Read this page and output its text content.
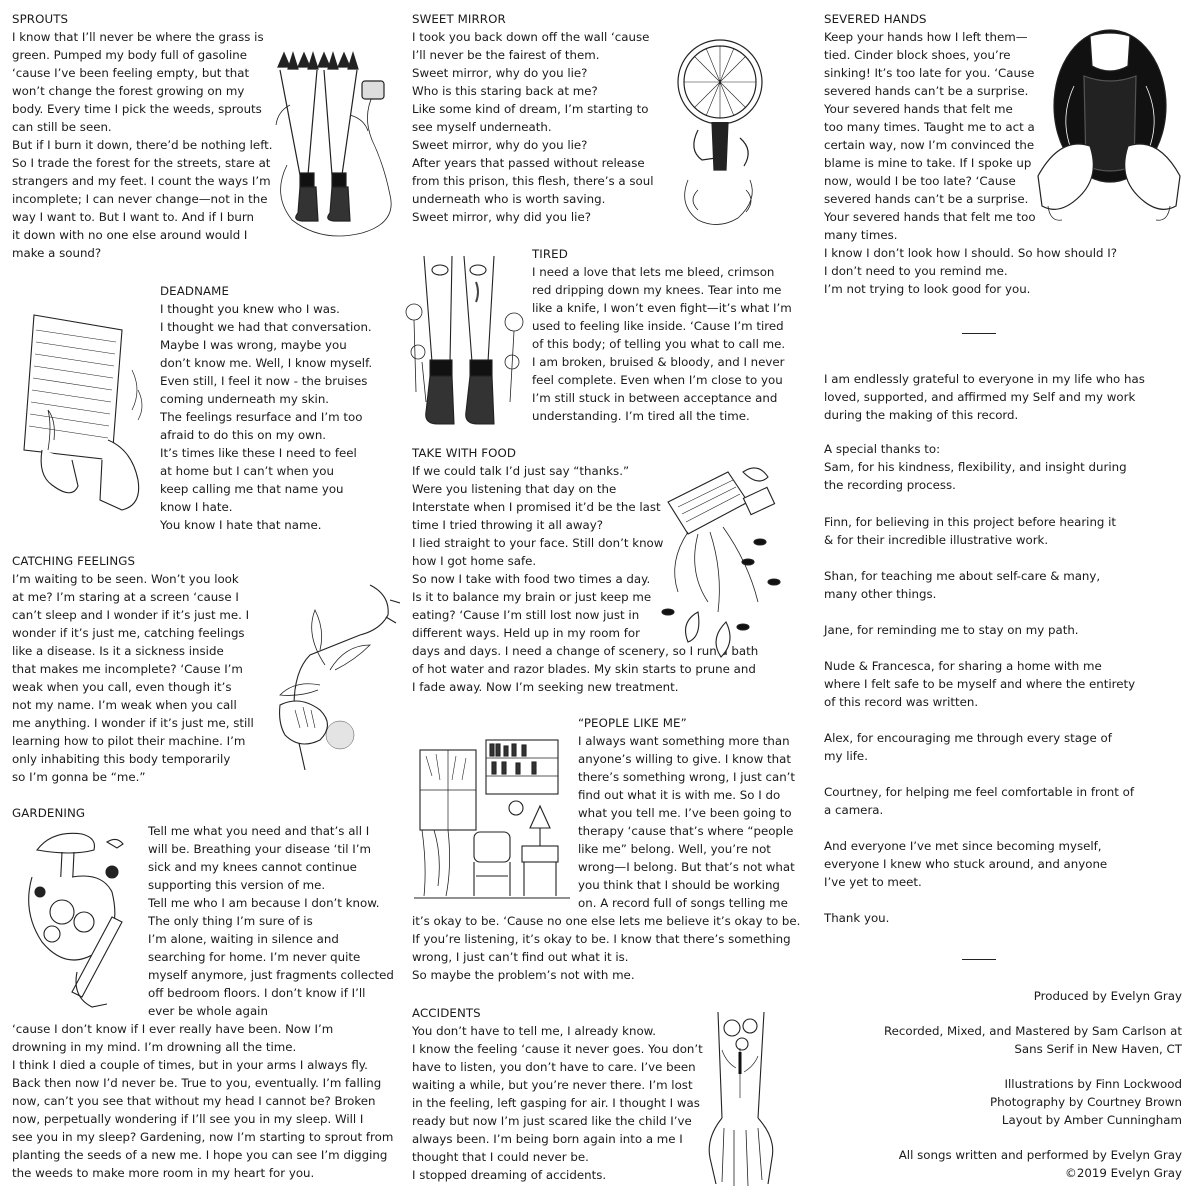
SPROUTS
I know that I’ll never be where the grass is
green. Pumped my body full of gasoline
‘cause I’ve been feeling empty, but that
won’t change the forest growing on my
body. Every time I pick the weeds, sprouts
can still be seen.
But if I burn it down, there’d be nothing left.
So I trade the forest for the streets, stare at
strangers and my feet. I count the ways I’m
incomplete; I can never change—not in the
way I want to. But I want to. And if I burn
it down with no one else around would I
make a sound?
DEADNAME
I thought you knew who I was.
I thought we had that conversation.
Maybe I was wrong, maybe you
don’t know me. Well, I know myself.
Even still, I feel it now - the bruises
coming underneath my skin.
The feelings resurface and I’m too
afraid to do this on my own.
It’s times like these I need to feel
at home but I can’t when you
keep calling me that name you
know I hate.
You know I hate that name.
CATCHING FEELINGS
I’m waiting to be seen. Won’t you look
at me? I’m staring at a screen ‘cause I
can’t sleep and I wonder if it’s just me. I
wonder if it’s just me, catching feelings
like a disease. Is it a sickness inside
that makes me incomplete? ‘Cause I’m
weak when you call, even though it’s
not my name. I’m weak when you call
me anything. I wonder if it’s just me, still
learning how to pilot their machine. I’m
only inhabiting this body temporarily
so I’m gonna be “me.”
GARDENING
Tell me what you need and that’s all I
will be. Breathing your disease ‘til I’m
sick and my knees cannot continue
supporting this version of me.
Tell me who I am because I don’t know.
The only thing I’m sure of is
I’m alone, waiting in silence and
searching for home. I’m never quite
myself anymore, just fragments collected
off bedroom floors. I don’t know if I’ll
ever be whole again
‘cause I don’t know if I ever really have been. Now I’m
drowning in my mind. I’m drowning all the time.
I think I died a couple of times, but in your arms I always fly.
Back then now I’d never be. True to you, eventually. I’m falling
now, can’t you see that without my head I cannot be? Broken
now, perpetually wondering if I’ll see you in my sleep. Will I
see you in my sleep? Gardening, now I’m starting to sprout from
planting the seeds of a new me. I hope you can see I’m digging
the weeds to make more room in my heart for you.
SWEET MIRROR
I took you back down off the wall ‘cause
I’ll never be the fairest of them.
Sweet mirror, why do you lie?
Who is this staring back at me?
Like some kind of dream, I’m starting to
see myself underneath.
Sweet mirror, why do you lie?
After years that passed without release
from this prison, this flesh, there’s a soul
underneath who is worth saving.
Sweet mirror, why did you lie?
TIRED
I need a love that lets me bleed, crimson
red dripping down my knees. Tear into me
like a knife, I won’t even fight—it’s what I’m
used to feeling like inside. ‘Cause I’m tired
of this body; of telling you what to call me.
I am broken, bruised & bloody, and I never
feel complete. Even when I’m close to you
I’m still stuck in between acceptance and
understanding. I’m tired all the time.
TAKE WITH FOOD
If we could talk I’d just say “thanks.”
Were you listening that day on the
Interstate when I promised it’d be the last
time I tried throwing it all away?
I lied straight to your face. Still don’t know
how I got home safe.
So now I take with food two times a day.
Is it to balance my brain or just keep me
eating? ‘Cause I’m still lost now just in
different ways. Held up in my room for
days and days. I need a change of scenery, so I run a bath
of hot water and razor blades. My skin starts to prune and
I fade away. Now I’m seeking new treatment.
“PEOPLE LIKE ME”
I always want something more than
anyone’s willing to give. I know that
there’s something wrong, I just can’t
find out what it is with me. So I do
what you tell me. I’ve been going to
therapy ‘cause that’s where “people
like me” belong. Well, you’re not
wrong—I belong. But that’s not what
you think that I should be working
on. A record full of songs telling me
it’s okay to be. ‘Cause no one else lets me believe it’s okay to be.
If you’re listening, it’s okay to be. I know that there’s something
wrong, I just can’t find out what it is.
So maybe the problem’s not with me.
ACCIDENTS
You don’t have to tell me, I already know.
I know the feeling ‘cause it never goes. You don’t
have to listen, you don’t have to care. I’ve been
waiting a while, but you’re never there. I’m lost
in the feeling, left gasping for air. I thought I was
ready but now I’m just scared like the child I’ve
always been. I’m being born again into a me I
thought that I could never be.
I stopped dreaming of accidents.
SEVERED HANDS
Keep your hands how I left them—
tied. Cinder block shoes, you’re
sinking! It’s too late for you. ‘Cause
severed hands can’t be a surprise.
Your severed hands that felt me
too many times. Taught me to act a
certain way, now I’m convinced the
blame is mine to take. If I spoke up
now, would I be too late? ‘Cause
severed hands can’t be a surprise.
Your severed hands that felt me too
many times.
I know I don’t look how I should. So how should I?
I don’t need to you remind me.
I’m not trying to look good for you.
I am endlessly grateful to everyone in my life who has
loved, supported, and affirmed my Self and my work
during the making of this record.
A special thanks to:
Sam, for his kindness, flexibility, and insight during
the recording process.
Finn, for believing in this project before hearing it
& for their incredible illustrative work.
Shan, for teaching me about self-care & many,
many other things.
Jane, for reminding me to stay on my path.
Nude & Francesca, for sharing a home with me
where I felt safe to be myself and where the entirety
of this record was written.
Alex, for encouraging me through every stage of
my life.
Courtney, for helping me feel comfortable in front of
a camera.
And everyone I’ve met since becoming myself,
everyone I knew who stuck around, and anyone
I’ve yet to meet.
Thank you.
Produced by Evelyn Gray
Recorded, Mixed, and Mastered by Sam Carlson at
Sans Serif in New Haven, CT
Illustrations by Finn Lockwood
Photography by Courtney Brown
Layout by Amber Cunningham
All songs written and performed by Evelyn Gray
©2019 Evelyn Gray
